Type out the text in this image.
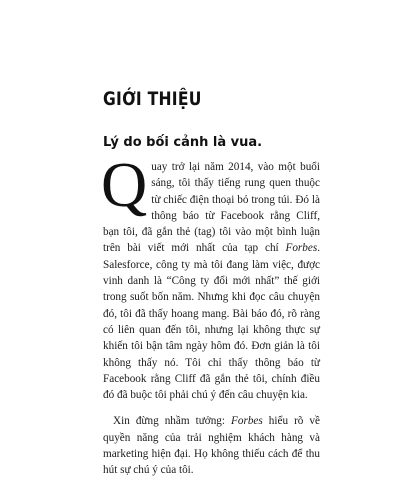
GIỚI THIỆU
Lý do bối cảnh là vua.

Quay trở lại năm 2014, vào một buổi sáng, tôi thấy tiếng rung quen thuộc từ chiếc điện thoại bỏ trong túi. Đó là thông báo từ Facebook rằng Cliff, bạn tôi, đã gắn thẻ (tag) tôi vào một bình luận trên bài viết mới nhất của tạp chí Forbes. Salesforce, công ty mà tôi đang làm việc, được vinh danh là “Công ty đổi mới nhất” thế giới trong suốt bốn năm. Nhưng khi đọc câu chuyện đó, tôi đã thấy hoang mang. Bài báo đó, rõ ràng có liên quan đến tôi, nhưng lại không thực sự khiến tôi bận tâm ngày hôm đó. Đơn giản là tôi không thấy nó. Tôi chỉ thấy thông báo từ Facebook rằng Cliff đã gắn thẻ tôi, chính điều đó đã buộc tôi phải chú ý đến câu chuyện kia.

Xin đừng nhầm tưởng: Forbes hiểu rõ về quyền năng của trải nghiệm khách hàng và marketing hiện đại. Họ không thiếu cách để thu hút sự chú ý của tôi.
